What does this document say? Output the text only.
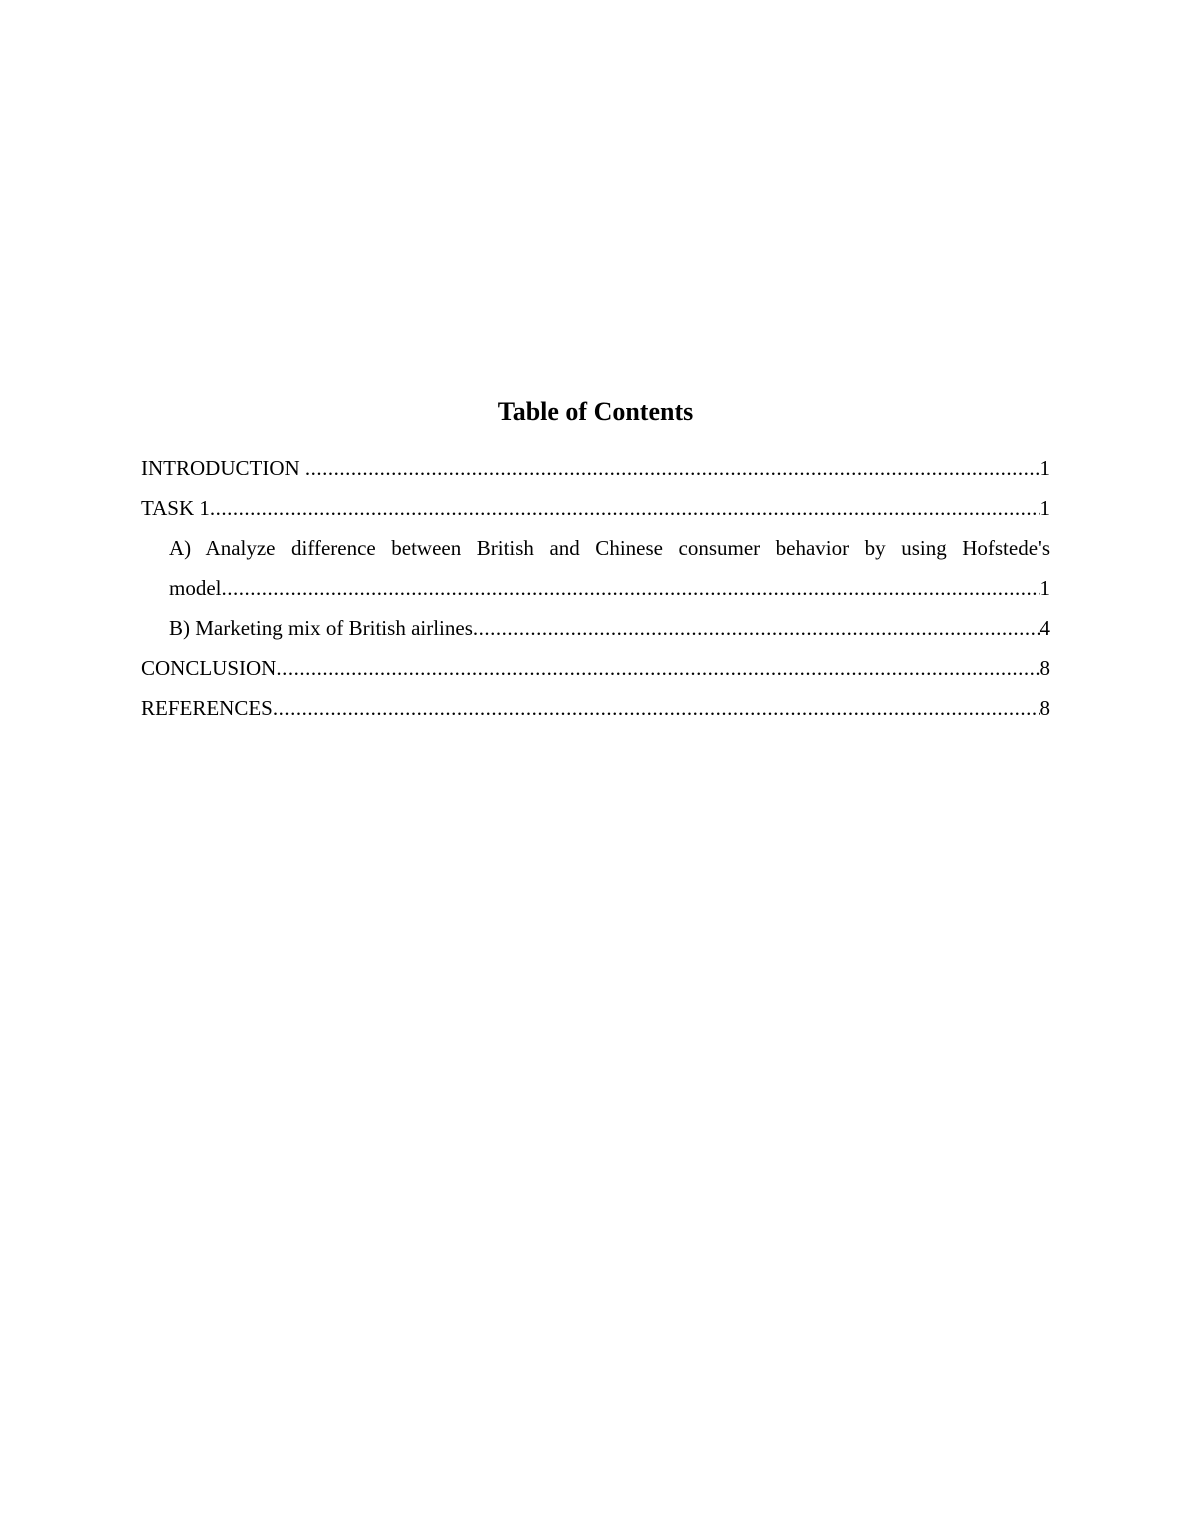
Table of Contents
INTRODUCTION .....	1
TASK 1 .....	1
A) Analyze difference between British and Chinese consumer behavior by using Hofstede's
model .....	1
B) Marketing mix of British airlines .....	4
CONCLUSION .....	8
REFERENCES .....	8
